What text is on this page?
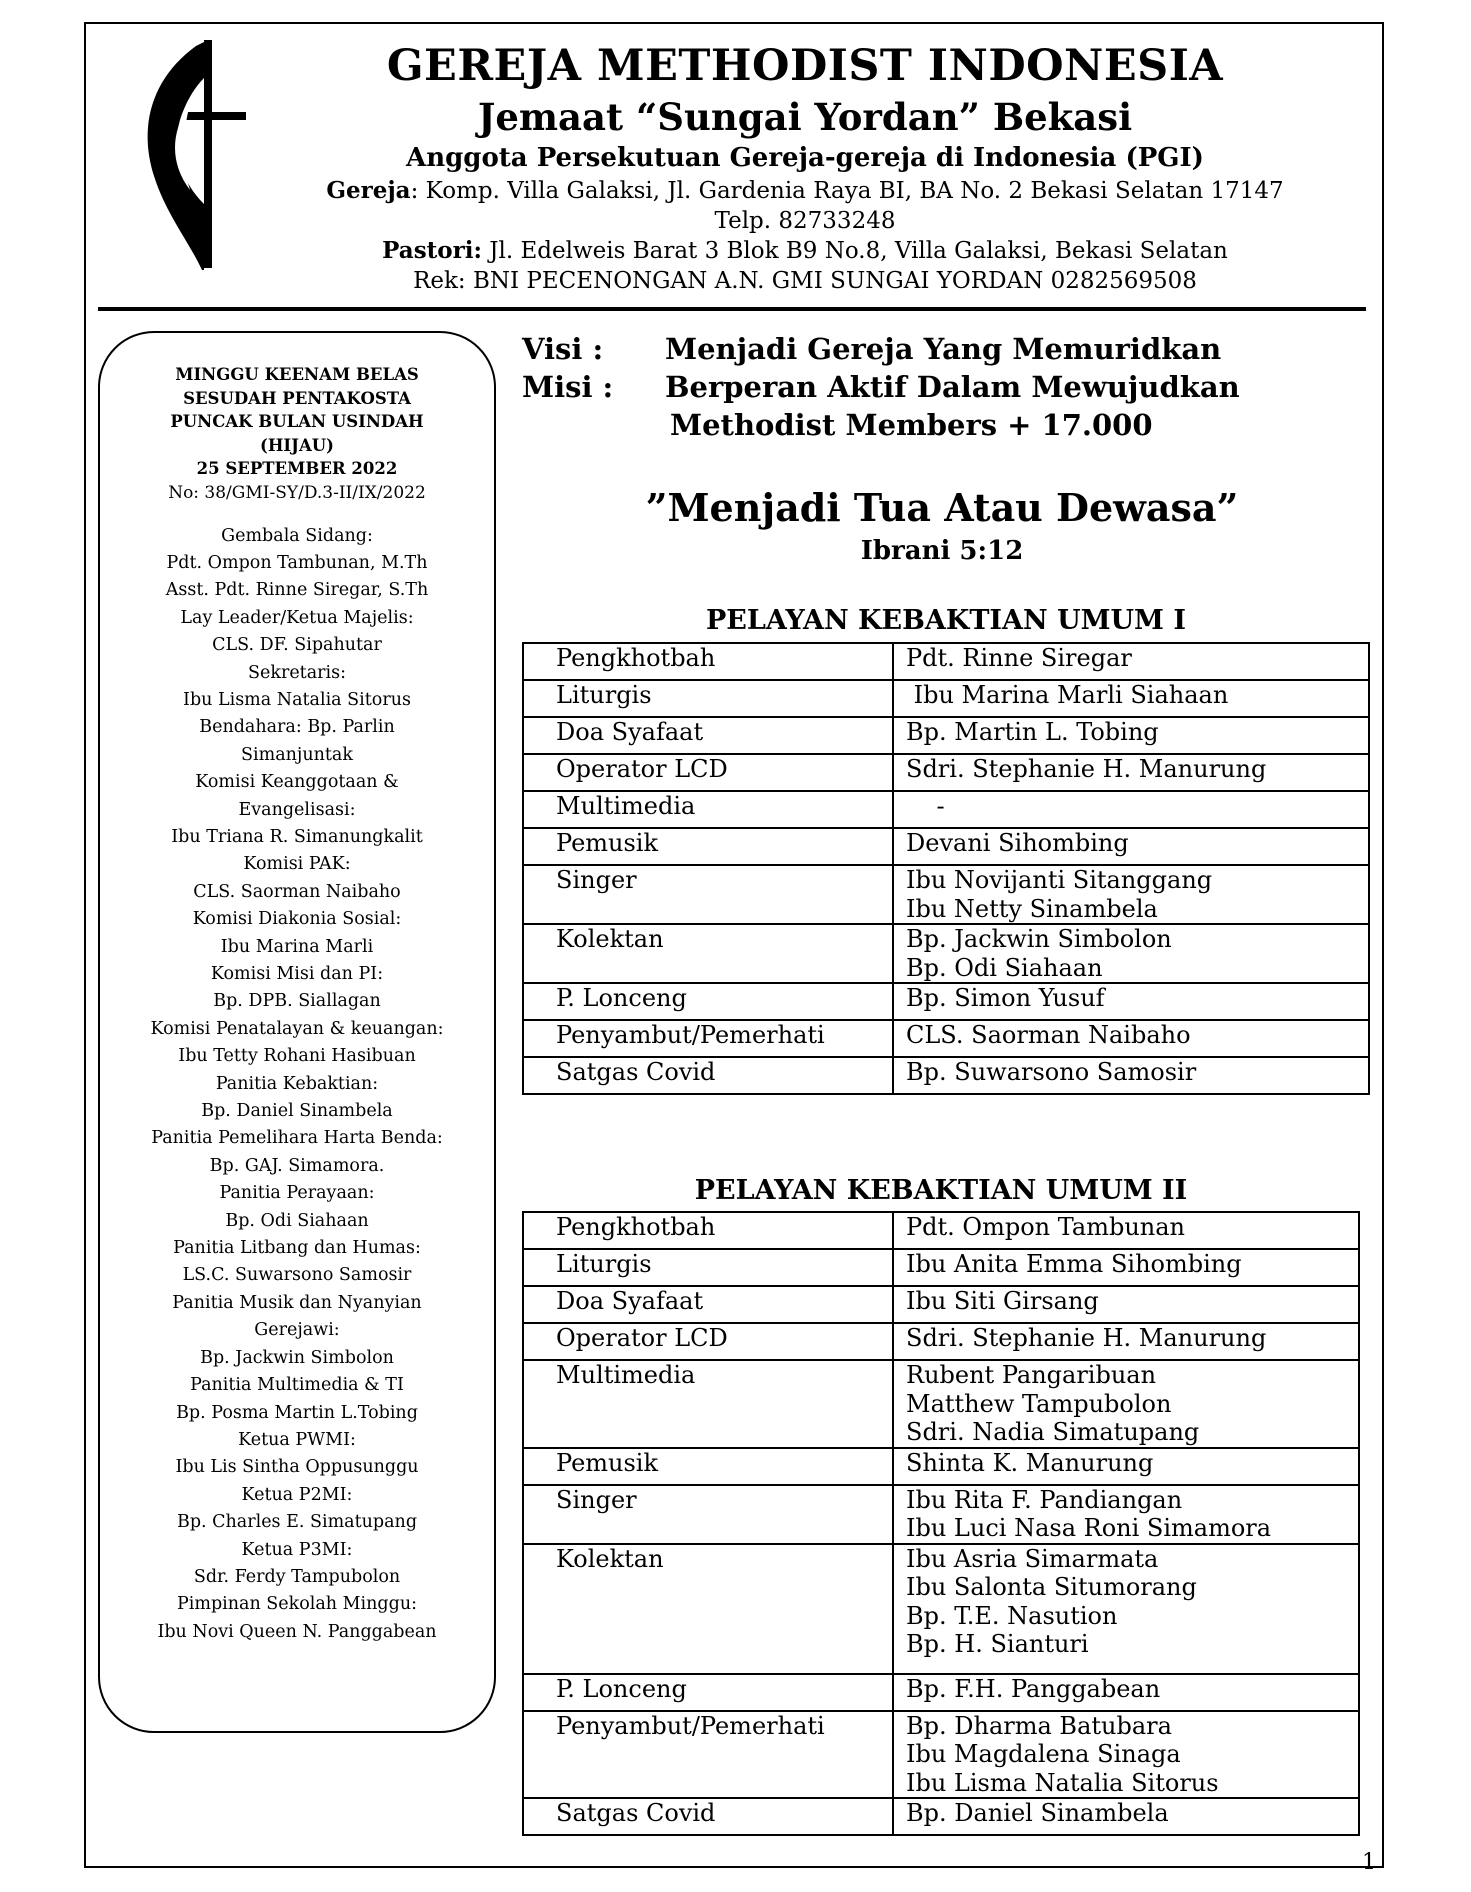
GEREJA METHODIST INDONESIA
Jemaat “Sungai Yordan” Bekasi
Anggota Persekutuan Gereja-gereja di Indonesia (PGI)
Gereja: Komp. Villa Galaksi, Jl. Gardenia Raya BI, BA No. 2 Bekasi Selatan 17147
Telp. 82733248
Pastori: Jl. Edelweis Barat 3 Blok B9 No.8, Villa Galaksi, Bekasi Selatan
Rek: BNI PECENONGAN A.N. GMI SUNGAI YORDAN 0282569508
MINGGU KEENAM BELAS
SESUDAH PENTAKOSTA
PUNCAK BULAN USINDAH
(HIJAU)
25 SEPTEMBER 2022
No: 38/GMI-SY/D.3-II/IX/2022
Gembala Sidang:
Pdt. Ompon Tambunan, M.Th
Asst. Pdt. Rinne Siregar, S.Th
Lay Leader/Ketua Majelis:
CLS. DF. Sipahutar
Sekretaris:
Ibu Lisma Natalia Sitorus
Bendahara: Bp. Parlin
Simanjuntak
Komisi Keanggotaan &
Evangelisasi:
Ibu Triana R. Simanungkalit
Komisi PAK:
CLS. Saorman Naibaho
Komisi Diakonia Sosial:
Ibu Marina Marli
Komisi Misi dan PI:
Bp. DPB. Siallagan
Komisi Penatalayan & keuangan:
Ibu Tetty Rohani Hasibuan
Panitia Kebaktian:
Bp. Daniel Sinambela
Panitia Pemelihara Harta Benda:
Bp. GAJ. Simamora.
Panitia Perayaan:
Bp. Odi Siahaan
Panitia Litbang dan Humas:
LS.C. Suwarsono Samosir
Panitia Musik dan Nyanyian
Gerejawi:
Bp. Jackwin Simbolon
Panitia Multimedia & TI
Bp. Posma Martin L.Tobing
Ketua PWMI:
Ibu Lis Sintha Oppusunggu
Ketua P2MI:
Bp. Charles E. Simatupang
Ketua P3MI:
Sdr. Ferdy Tampubolon
Pimpinan Sekolah Minggu:
Ibu Novi Queen N. Panggabean
Visi :	Menjadi Gereja Yang Memuridkan
Misi :	Berperan Aktif Dalam Mewujudkan
Methodist Members + 17.000
”Menjadi Tua Atau Dewasa”
Ibrani 5:12
PELAYAN KEBAKTIAN UMUM I
Pengkhotbah	Pdt. Rinne Siregar

Liturgis	Ibu Marina Marli Siahaan

Doa Syafaat	Bp. Martin L. Tobing

Operator LCD	Sdri. Stephanie H. Manurung

Multimedia	-

Pemusik	Devani Sihombing

Singer	Ibu Novijanti Sitanggang
Ibu Netty Sinambela

Kolektan	Bp. Jackwin Simbolon
Bp. Odi Siahaan

P. Lonceng	Bp. Simon Yusuf

Penyambut/Pemerhati	CLS. Saorman Naibaho

Satgas Covid	Bp. Suwarsono Samosir
PELAYAN KEBAKTIAN UMUM II
Pengkhotbah	Pdt. Ompon Tambunan

Liturgis	Ibu Anita Emma Sihombing

Doa Syafaat	Ibu Siti Girsang

Operator LCD	Sdri. Stephanie H. Manurung

Multimedia	Rubent Pangaribuan
Matthew Tampubolon
Sdri. Nadia Simatupang

Pemusik	Shinta K. Manurung

Singer	Ibu Rita F. Pandiangan
Ibu Luci Nasa Roni Simamora

Kolektan	Ibu Asria Simarmata
Ibu Salonta Situmorang
Bp. T.E. Nasution
Bp. H. Sianturi

P. Lonceng	Bp. F.H. Panggabean

Penyambut/Pemerhati	Bp. Dharma Batubara
Ibu Magdalena Sinaga
Ibu Lisma Natalia Sitorus

Satgas Covid	Bp. Daniel Sinambela
1
